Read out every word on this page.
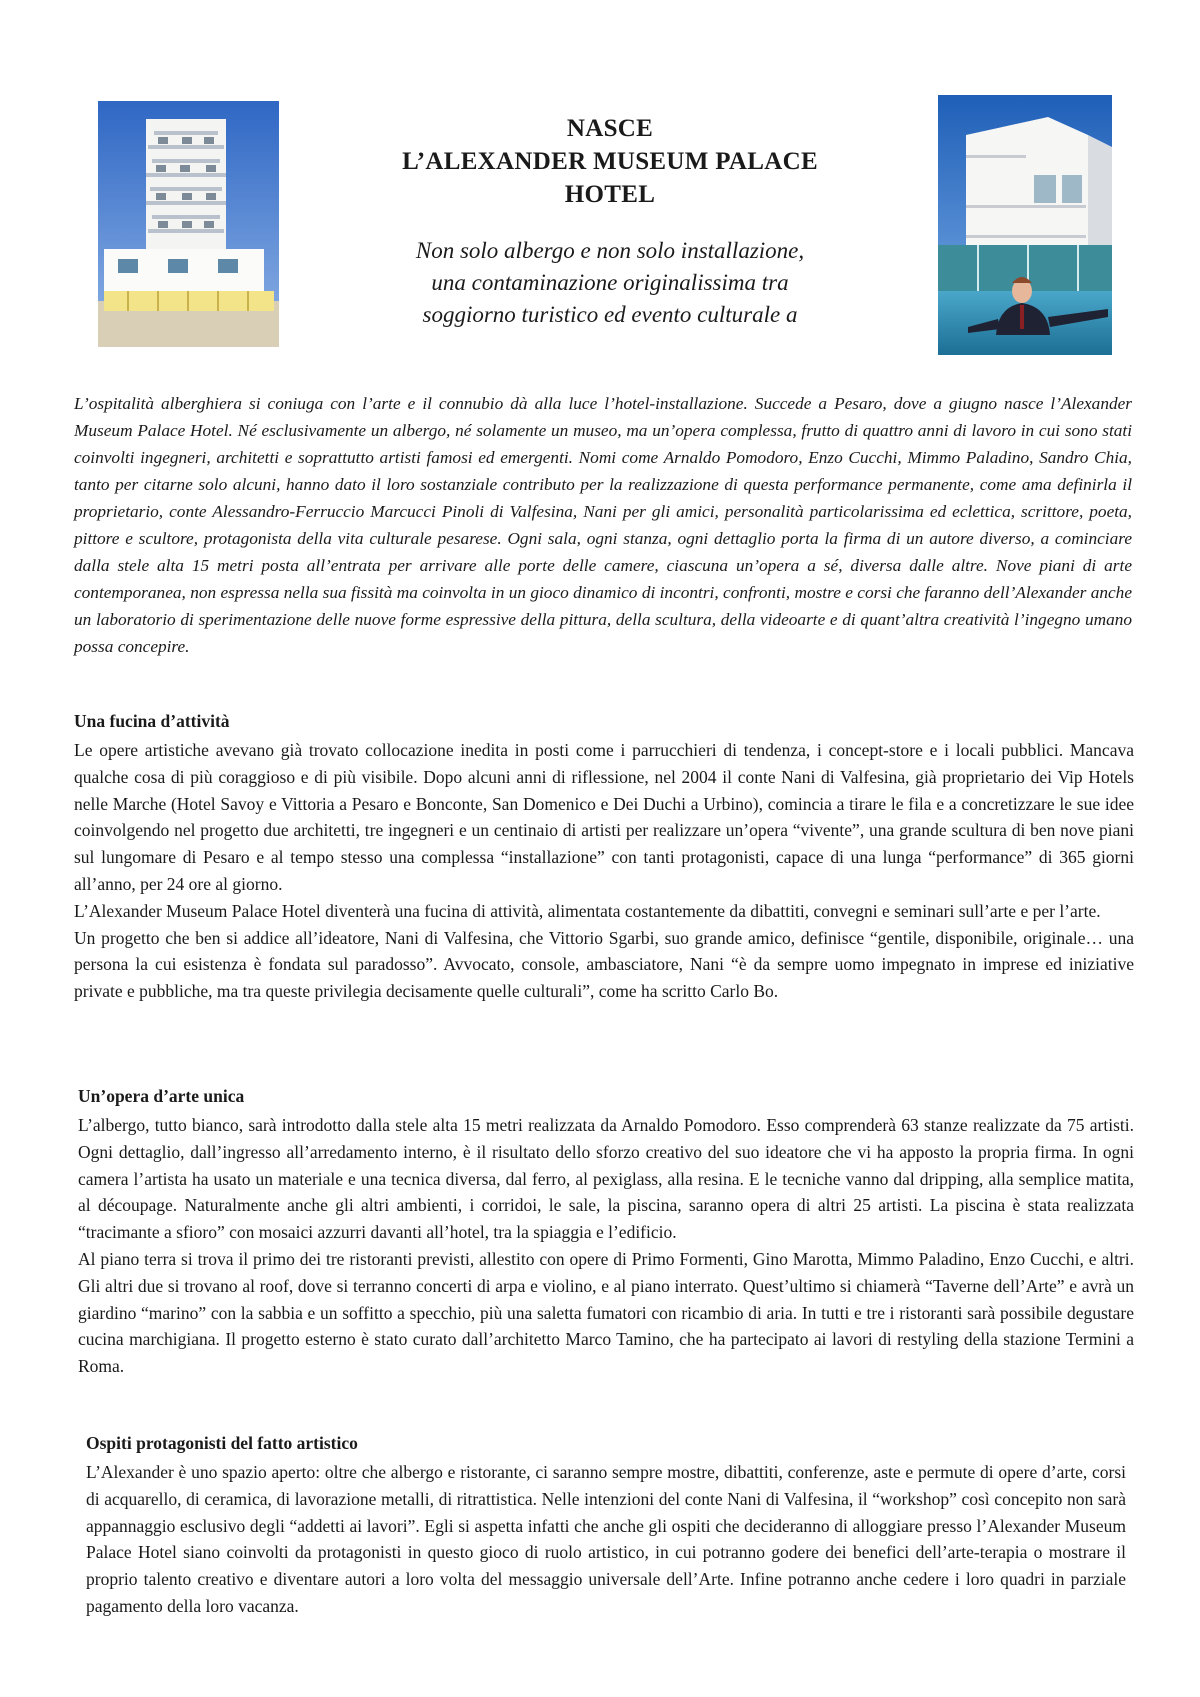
NASCE
L’ALEXANDER MUSEUM PALACE
HOTEL

Non solo albergo e non solo installazione,
una contaminazione originalissima tra
soggiorno turistico ed evento culturale a

L’ospitalità alberghiera si coniuga con l’arte e il connubio dà alla luce l’hotel-installazione. Succede a Pesaro, dove a giugno nasce l’Alexander Museum Palace Hotel. Né esclusivamente un albergo, né solamente un museo, ma un’opera complessa, frutto di quattro anni di lavoro in cui sono stati coinvolti ingegneri, architetti e soprattutto artisti famosi ed emergenti. Nomi come Arnaldo Pomodoro, Enzo Cucchi, Mimmo Paladino, Sandro Chia, tanto per citarne solo alcuni, hanno dato il loro sostanziale contributo per la realizzazione di questa performance permanente, come ama definirla il proprietario, conte Alessandro-Ferruccio Marcucci Pinoli di Valfesina, Nani per gli amici, personalità particolarissima ed eclettica, scrittore, poeta, pittore e scultore, protagonista della vita culturale pesarese. Ogni sala, ogni stanza, ogni dettaglio porta la firma di un autore diverso, a cominciare dalla stele alta 15 metri posta all’entrata per arrivare alle porte delle camere, ciascuna un’opera a sé, diversa dalle altre. Nove piani di arte contemporanea, non espressa nella sua fissità ma coinvolta in un gioco dinamico di incontri, confronti, mostre e corsi che faranno dell’Alexander anche un laboratorio di sperimentazione delle nuove forme espressive della pittura, della scultura, della videoarte e di quant’altra creatività l’ingegno umano possa concepire.

Una fucina d’attività

Le opere artistiche avevano già trovato collocazione inedita in posti come i parrucchieri di tendenza, i concept-store e i locali pubblici. Mancava qualche cosa di più coraggioso e di più visibile. Dopo alcuni anni di riflessione, nel 2004 il conte Nani di Valfesina, già proprietario dei Vip Hotels nelle Marche (Hotel Savoy e Vittoria a Pesaro e Bonconte, San Domenico e Dei Duchi a Urbino), comincia a tirare le fila e a concretizzare le sue idee coinvolgendo nel progetto due architetti, tre ingegneri e un centinaio di artisti per realizzare un’opera “vivente”, una grande scultura di ben nove piani sul lungomare di Pesaro e al tempo stesso una complessa “installazione” con tanti protagonisti, capace di una lunga “performance” di 365 giorni all’anno, per 24 ore al giorno.

L’Alexander Museum Palace Hotel diventerà una fucina di attività, alimentata costantemente da dibattiti, convegni e seminari sull’arte e per l’arte.

Un progetto che ben si addice all’ideatore, Nani di Valfesina, che Vittorio Sgarbi, suo grande amico, definisce “gentile, disponibile, originale… una persona la cui esistenza è fondata sul paradosso”. Avvocato, console, ambasciatore, Nani “è da sempre uomo impegnato in imprese ed iniziative private e pubbliche, ma tra queste privilegia decisamente quelle culturali”, come ha scritto Carlo Bo.

Un’opera d’arte unica

L’albergo, tutto bianco, sarà introdotto dalla stele alta 15 metri realizzata da Arnaldo Pomodoro. Esso comprenderà 63 stanze realizzate da 75 artisti. Ogni dettaglio, dall’ingresso all’arredamento interno, è il risultato dello sforzo creativo del suo ideatore che vi ha apposto la propria firma. In ogni camera l’artista ha usato un materiale e una tecnica diversa, dal ferro, al pexiglass, alla resina. E le tecniche vanno dal dripping, alla semplice matita, al découpage. Naturalmente anche gli altri ambienti, i corridoi, le sale, la piscina, saranno opera di altri 25 artisti. La piscina è stata realizzata “tracimante a sfioro” con mosaici azzurri davanti all’hotel, tra la spiaggia e l’edificio.

Al piano terra si trova il primo dei tre ristoranti previsti, allestito con opere di Primo Formenti, Gino Marotta, Mimmo Paladino, Enzo Cucchi, e altri. Gli altri due si trovano al roof, dove si terranno concerti di arpa e violino, e al piano interrato. Quest’ultimo si chiamerà “Taverne dell’Arte” e avrà un giardino “marino” con la sabbia e un soffitto a specchio, più una saletta fumatori con ricambio di aria. In tutti e tre i ristoranti sarà possibile degustare cucina marchigiana. Il progetto esterno è stato curato dall’architetto Marco Tamino, che ha partecipato ai lavori di restyling della stazione Termini a Roma.

Ospiti protagonisti del fatto artistico

L’Alexander è uno spazio aperto: oltre che albergo e ristorante, ci saranno sempre mostre, dibattiti, conferenze, aste e permute di opere d’arte, corsi di acquarello, di ceramica, di lavorazione metalli, di ritrattistica. Nelle intenzioni del conte Nani di Valfesina, il “workshop” così concepito non sarà appannaggio esclusivo degli “addetti ai lavori”. Egli si aspetta infatti che anche gli ospiti che decideranno di alloggiare presso l’Alexander Museum Palace Hotel siano coinvolti da protagonisti in questo gioco di ruolo artistico, in cui potranno godere dei benefici dell’arte-terapia o mostrare il proprio talento creativo e diventare autori a loro volta del messaggio universale dell’Arte. Infine potranno anche cedere i loro quadri in parziale pagamento della loro vacanza.
